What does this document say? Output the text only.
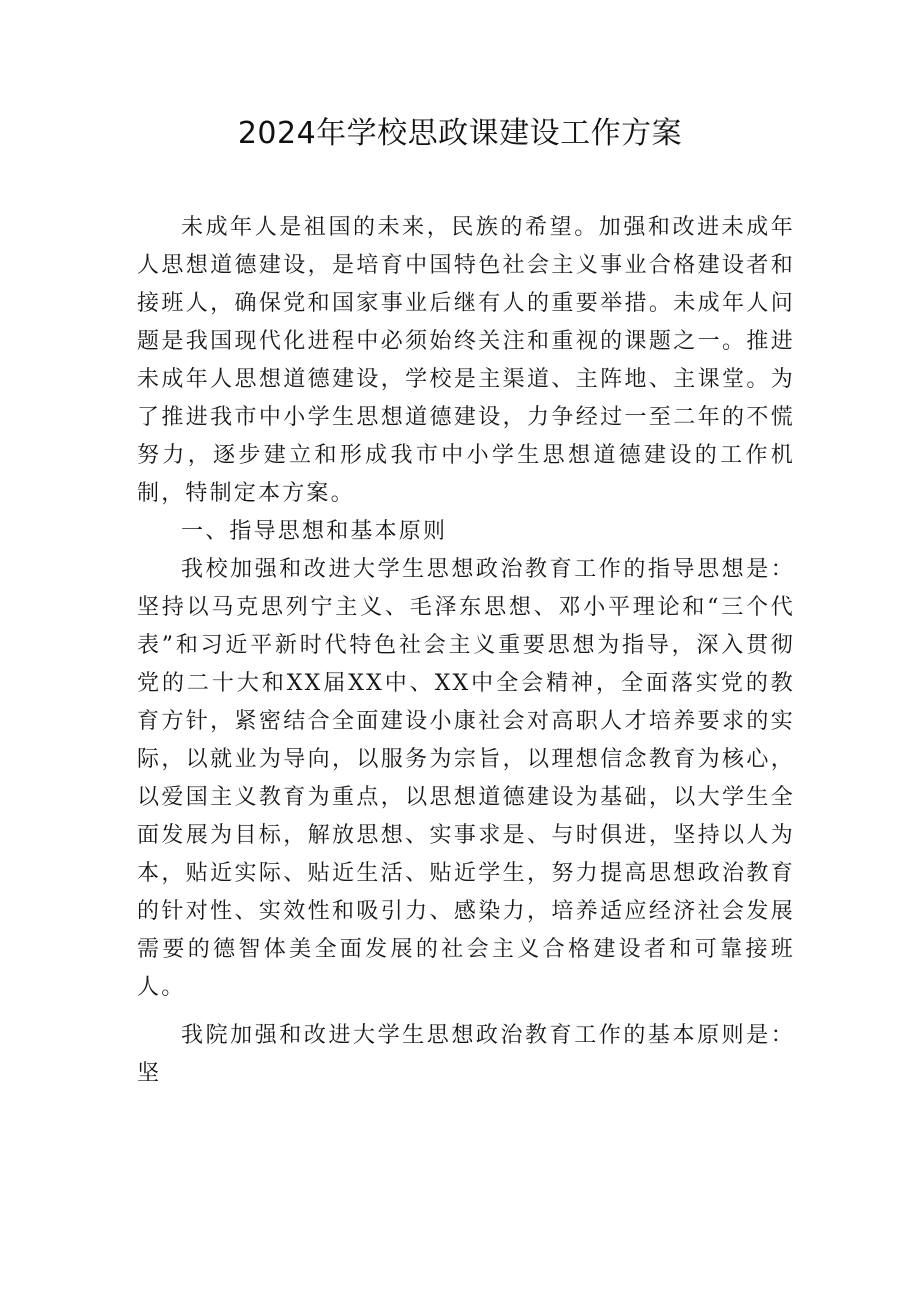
2024年学校思政课建设工作方案

未成年人是祖国的未来，民族的希望。加强和改进未成年人思想道德建设，是培育中国特色社会主义事业合格建设者和接班人，确保党和国家事业后继有人的重要举措。未成年人问题是我国现代化进程中必须始终关注和重视的课题之一。推进未成年人思想道德建设，学校是主渠道、主阵地、主课堂。为了推进我市中小学生思想道德建设，力争经过一至二年的不慌努力，逐步建立和形成我市中小学生思想道德建设的工作机制，特制定本方案。

一、指导思想和基本原则

我校加强和改进大学生思想政治教育工作的指导思想是：坚持以马克思列宁主义、毛泽东思想、邓小平理论和“三个代表”和习近平新时代特色社会主义重要思想为指导，深入贯彻党的二十大和XX届XX中、XX中全会精神，全面落实党的教育方针，紧密结合全面建设小康社会对高职人才培养要求的实际，以就业为导向，以服务为宗旨，以理想信念教育为核心，以爱国主义教育为重点，以思想道德建设为基础，以大学生全面发展为目标，解放思想、实事求是、与时俱进，坚持以人为本，贴近实际、贴近生活、贴近学生，努力提高思想政治教育的针对性、实效性和吸引力、感染力，培养适应经济社会发展需要的德智体美全面发展的社会主义合格建设者和可靠接班人。

我院加强和改进大学生思想政治教育工作的基本原则是：坚
